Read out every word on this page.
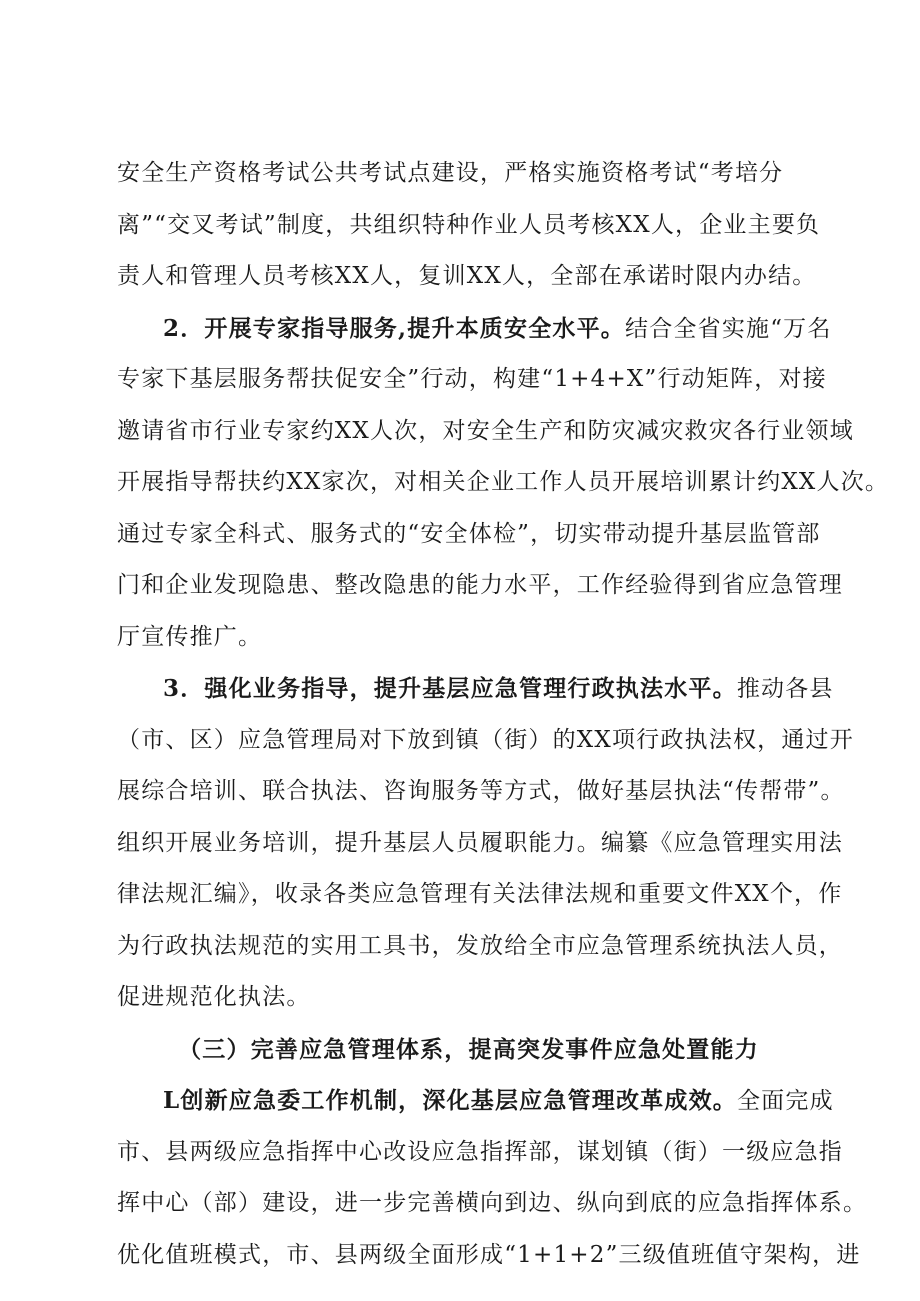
安全生产资格考试公共考试点建设，严格实施资格考试“考培分
离”“交叉考试”制度，共组织特种作业人员考核XX人，企业主要负
责人和管理人员考核XX人，复训XX人，全部在承诺时限内办结。
2．开展专家指导服务,提升本质安全水平。结合全省实施“万名
专家下基层服务帮扶促安全”行动，构建“1+4+X”行动矩阵，对接
邀请省市行业专家约XX人次，对安全生产和防灾减灾救灾各行业领域
开展指导帮扶约XX家次，对相关企业工作人员开展培训累计约XX人次。
通过专家全科式、服务式的“安全体检”，切实带动提升基层监管部
门和企业发现隐患、整改隐患的能力水平，工作经验得到省应急管理
厅宣传推广。
3．强化业务指导，提升基层应急管理行政执法水平。推动各县
（市、区）应急管理局对下放到镇（街）的XX项行政执法权，通过开
展综合培训、联合执法、咨询服务等方式，做好基层执法“传帮带”。
组织开展业务培训，提升基层人员履职能力。编纂《应急管理实用法
律法规汇编》，收录各类应急管理有关法律法规和重要文件XX个，作
为行政执法规范的实用工具书，发放给全市应急管理系统执法人员，
促进规范化执法。
（三）完善应急管理体系，提高突发事件应急处置能力
L创新应急委工作机制，深化基层应急管理改革成效。全面完成
市、县两级应急指挥中心改设应急指挥部，谋划镇（街）一级应急指
挥中心（部）建设，进一步完善横向到边、纵向到底的应急指挥体系。
优化值班模式，市、县两级全面形成“1+1+2”三级值班值守架构，进
